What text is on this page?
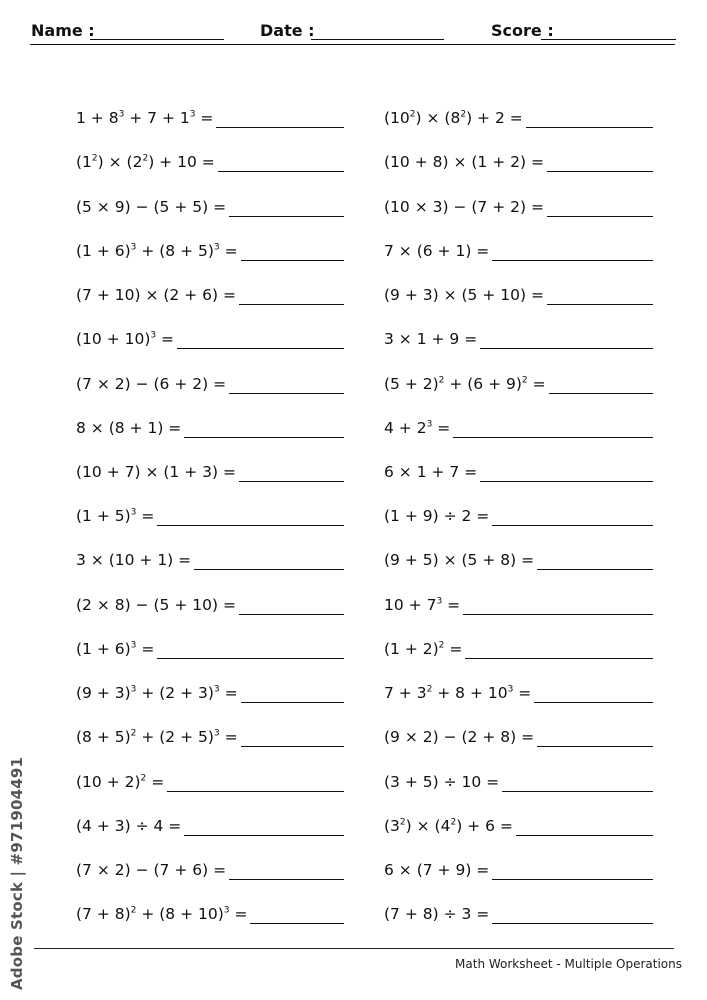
Name :	Date :	Score :
$1 + 8^3 + 7 + 1^3$ =
$(1^2) \times (2^2) + 10$ =
(5 × 9) − (5 + 5) =
$(1 + 6)^3 + (8 + 5)^3$ =
(7 + 10) × (2 + 6) =
$(10 + 10)^3$ =
(7 × 2) − (6 + 2) =
8 × (8 + 1) =
(10 + 7) × (1 + 3) =
$(1 + 5)^3$ =
3 × (10 + 1) =
(2 × 8) − (5 + 10) =
$(1 + 6)^3$ =
$(9 + 3)^3 + (2 + 3)^3$ =
$(8 + 5)^2 + (2 + 5)^3$ =
$(10 + 2)^2$ =
(4 + 3) ÷ 4 =
(7 × 2) − (7 + 6) =
$(7 + 8)^2 + (8 + 10)^3$ =
$(10^2) \times (8^2) + 2$ =
(10 + 8) × (1 + 2) =
(10 × 3) − (7 + 2) =
7 × (6 + 1) =
(9 + 3) × (5 + 10) =
3 × 1 + 9 =
$(5 + 2)^2 + (6 + 9)^2$ =
$4 + 2^3$ =
6 × 1 + 7 =
(1 + 9) ÷ 2 =
(9 + 5) × (5 + 8) =
$10 + 7^3$ =
$(1 + 2)^2$ =
$7 + 3^2 + 8 + 10^3$ =
(9 × 2) − (2 + 8) =
(3 + 5) ÷ 10 =
$(3^2) \times (4^2) + 6$ =
6 × (7 + 9) =
(7 + 8) ÷ 3 =
Adobe Stock | #971904491	Math Worksheet - Multiple Operations
